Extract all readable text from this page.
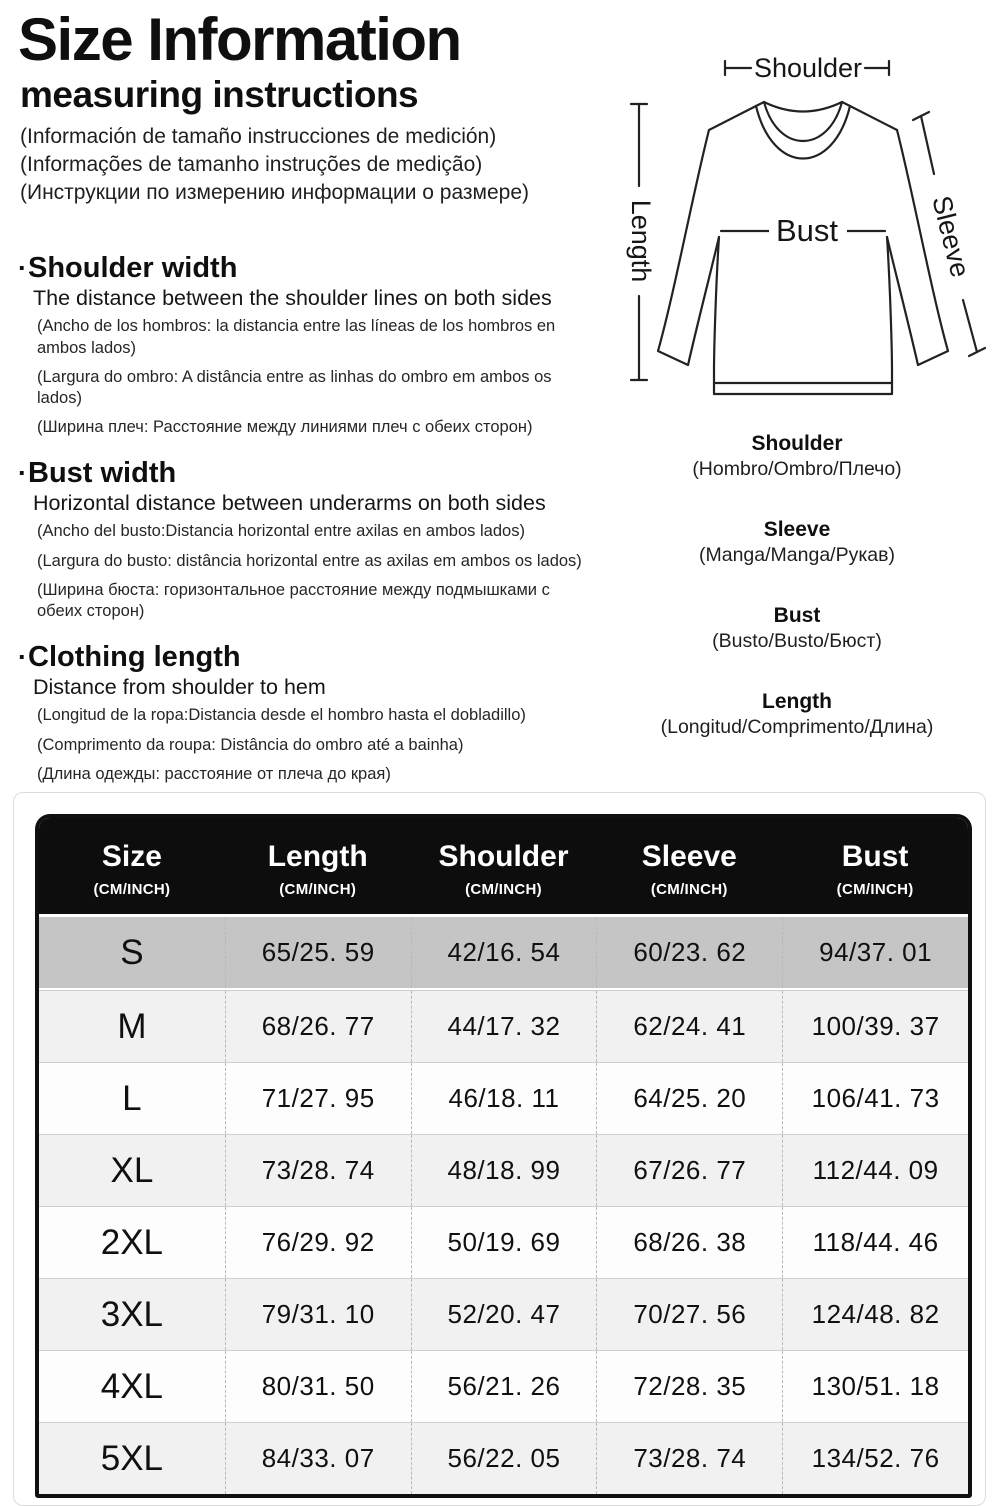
Size Information
measuring instructions
(Información de tamaño instrucciones de medición)
(Informações de tamanho instruções de medição)
(Инструкции по измерению информации о размере)
·Shoulder width
The distance between the shoulder lines on both sides
(Ancho de los hombros: la distancia entre las líneas de los hombros en ambos lados)
(Largura do ombro: A distância entre as linhas do ombro em ambos os lados)
(Ширина плеч: Расстояние между линиями плеч с обеих сторон)
·Bust width
Horizontal distance between underarms on both sides
(Ancho del busto:Distancia horizontal entre axilas en ambos lados)
(Largura do busto: distância horizontal entre as axilas em ambos os lados)
(Ширина бюста: горизонтальное расстояние между подмышками с обеих сторон)
·Clothing length
Distance from shoulder to hem
(Longitud de la ropa:Distancia desde el hombro hasta el dobladillo)
(Comprimento da roupa: Distância do ombro até a bainha)
(Длина одежды: расстояние от плеча до края)
Shoulder
Length	Sleeve
Bust
Shoulder
(Hombro/Ombro/Плечо)
Sleeve
(Manga/Manga/Рукав)
Bust
(Busto/Busto/Бюст)
Length
(Longitud/Comprimento/Длина)
Size
(CM/INCH)
Length
(CM/INCH)
Shoulder
(CM/INCH)
Sleeve
(CM/INCH)
Bust
(CM/INCH)
S	65/25. 59	42/16. 54	60/23. 62	94/37. 01
M	68/26. 77	44/17. 32	62/24. 41	100/39. 37
L	71/27. 95	46/18. 11	64/25. 20	106/41. 73
XL	73/28. 74	48/18. 99	67/26. 77	112/44. 09
2XL	76/29. 92	50/19. 69	68/26. 38	118/44. 46
3XL	79/31. 10	52/20. 47	70/27. 56	124/48. 82
4XL	80/31. 50	56/21. 26	72/28. 35	130/51. 18
5XL	84/33. 07	56/22. 05	73/28. 74	134/52. 76
